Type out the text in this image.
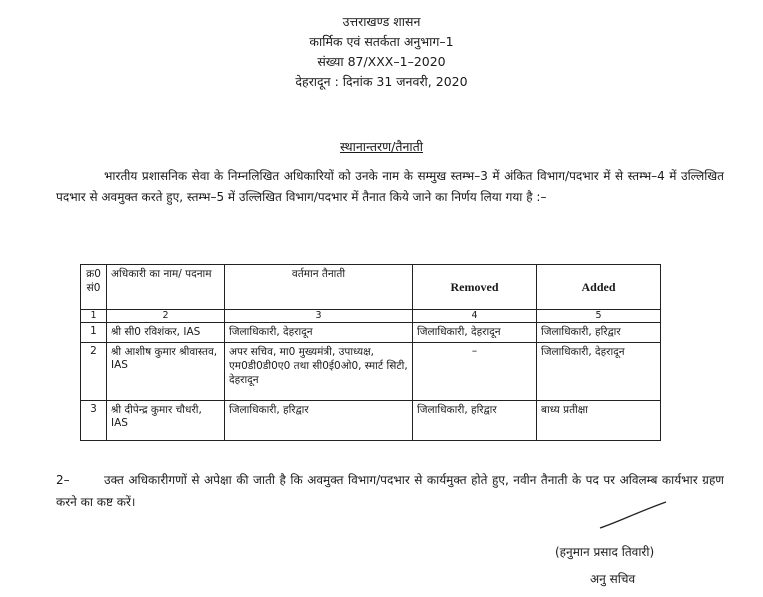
उत्तराखण्ड शासन
कार्मिक एवं सतर्कता अनुभाग–1
संख्या 87/XXX–1–2020
देहरादून : दिनांक 31 जनवरी, 2020
स्थानान्तरण/तैनाती
भारतीय प्रशासनिक सेवा के निम्नलिखित अधिकारियों को उनके नाम के सम्मुख स्तम्भ–3 में अंकित विभाग/पदभार में से स्तम्भ–4 में उल्लिखित पदभार से अवमुक्त करते हुए, स्तम्भ–5 में उल्लिखित विभाग/पदभार में तैनात किये जाने का निर्णय लिया गया है :–
क्र0 सं0	अधिकारी का नाम/ पदनाम	वर्तमान तैनाती	Removed	Added
1	2	3	4	5
1	श्री सी0 रविशंकर, IAS	जिलाधिकारी, देहरादून	जिलाधिकारी, देहरादून	जिलाधिकारी, हरिद्वार
2	श्री आशीष कुमार श्रीवास्तव, IAS	अपर सचिव, मा0 मुख्यमंत्री, उपाध्यक्ष, एम0डी0डी0ए0 तथा सी0ई0ओ0, स्मार्ट सिटी, देहरादून	–	जिलाधिकारी, देहरादून
3	श्री दीपेन्द्र कुमार चौधरी, IAS	जिलाधिकारी, हरिद्वार	जिलाधिकारी, हरिद्वार	बाध्य प्रतीक्षा
2–	उक्त अधिकारीगणों से अपेक्षा की जाती है कि अवमुक्त विभाग/पदभार से कार्यमुक्त होते हुए, नवीन तैनाती के पद पर अविलम्ब कार्यभार ग्रहण करने का कष्ट करें।
(हनुमान प्रसाद तिवारी)
अनु सचिव
